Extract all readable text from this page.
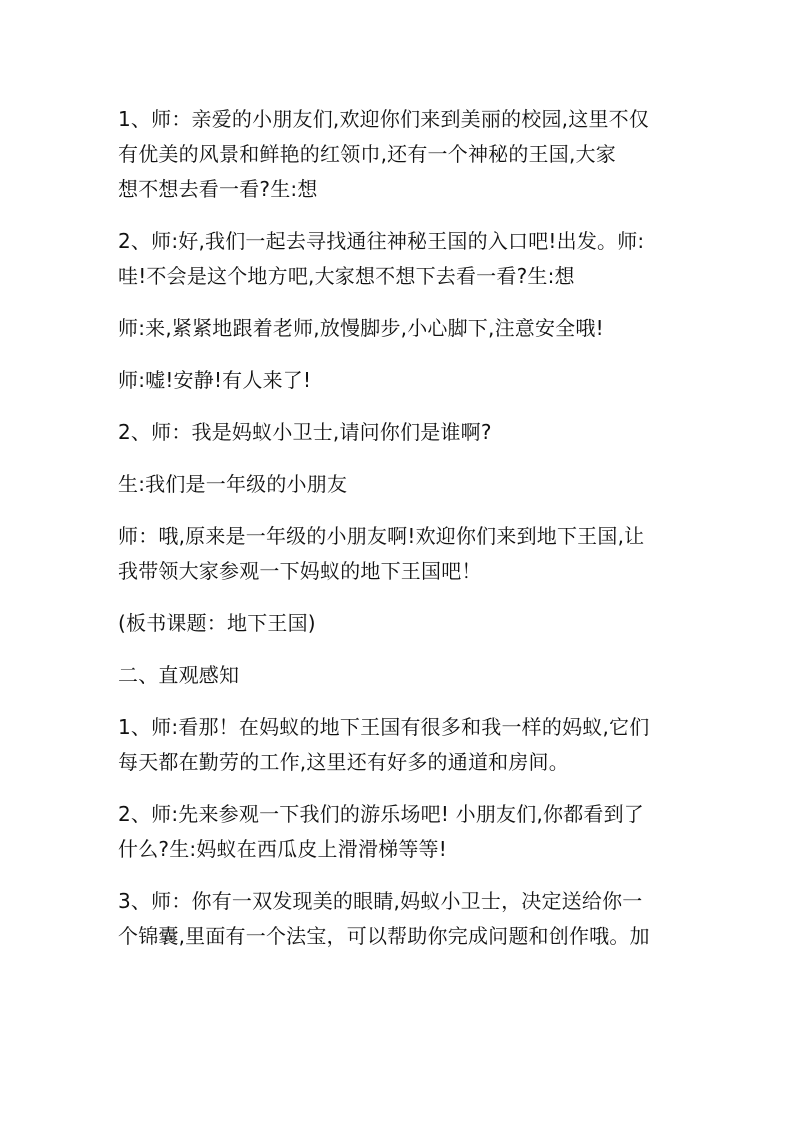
1、师：亲爱的小朋友们,欢迎你们来到美丽的校园,这里不仅
有优美的风景和鲜艳的红领巾,还有一个神秘的王国,大家
想不想去看一看?生:想

2、师:好,我们一起去寻找通往神秘王国的入口吧!出发。师:
哇!不会是这个地方吧,大家想不想下去看一看?生:想

师:来,紧紧地跟着老师,放慢脚步,小心脚下,注意安全哦!

师:嘘!安静!有人来了!

2、师：我是妈蚁小卫士,请问你们是谁啊?

生:我们是一年级的小朋友

师：哦,原来是一年级的小朋友啊!欢迎你们来到地下王国,让
我带领大家参观一下妈蚁的地下王国吧！

(板书课题：地下王国)

二、直观感知

1、师:看那！在妈蚁的地下王国有很多和我一样的妈蚁,它们
每天都在勤劳的工作,这里还有好多的通道和房间。

2、师:先来参观一下我们的游乐场吧! 小朋友们,你都看到了
什么?生:妈蚁在西瓜皮上滑滑梯等等!

3、师：你有一双发现美的眼睛,妈蚁小卫士，决定送给你一
个锦囊,里面有一个法宝，可以帮助你完成问题和创作哦。加
